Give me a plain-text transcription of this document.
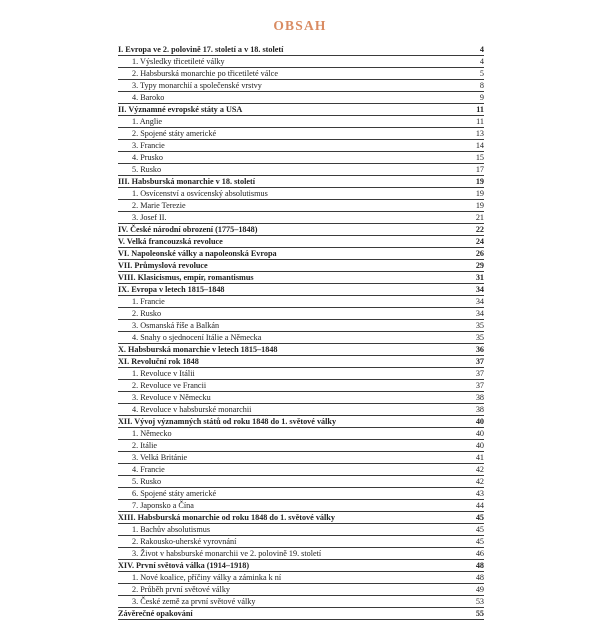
OBSAH
I. Evropa ve 2. polovině 17. století a v 18. století	4
1. Výsledky třicetileté války	4
2. Habsburská monarchie po třicetileté válce	5
3. Typy monarchií a společenské vrstvy	8
4. Baroko	9
II. Významné evropské státy a USA	11
1. Anglie	11
2. Spojené státy americké	13
3. Francie	14
4. Prusko	15
5. Rusko	17
III. Habsburská monarchie v 18. století	19
1. Osvícenství a osvícenský absolutismus	19
2. Marie Terezie	19
3. Josef II.	21
IV. České národní obrození (1775–1848)	22
V. Velká francouzská revoluce	24
VI. Napoleonské války a napoleonská Evropa	26
VII. Průmyslová revoluce	29
VIII. Klasicismus, empír, romantismus	31
IX. Evropa v letech 1815–1848	34
1. Francie	34
2. Rusko	34
3. Osmanská říše a Balkán	35
4. Snahy o sjednocení Itálie a Německa	35
X. Habsburská monarchie v letech 1815–1848	36
XI. Revoluční rok 1848	37
1. Revoluce v Itálii	37
2. Revoluce ve Francii	37
3. Revoluce v Německu	38
4. Revoluce v habsburské monarchii	38
XII. Vývoj významných států od roku 1848 do 1. světové války	40
1. Německo	40
2. Itálie	40
3. Velká Británie	41
4. Francie	42
5. Rusko	42
6. Spojené státy americké	43
7. Japonsko a Čína	44
XIII. Habsburská monarchie od roku 1848 do 1. světové války	45
1. Bachův absolutismus	45
2. Rakousko-uherské vyrovnání	45
3. Život v habsburské monarchii ve 2. polovině 19. století	46
XIV. První světová válka (1914–1918)	48
1. Nové koalice, příčiny války a záminka k ní	48
2. Průběh první světové války	49
3. České země za první světové války	53
Závěrečné opakování	55
